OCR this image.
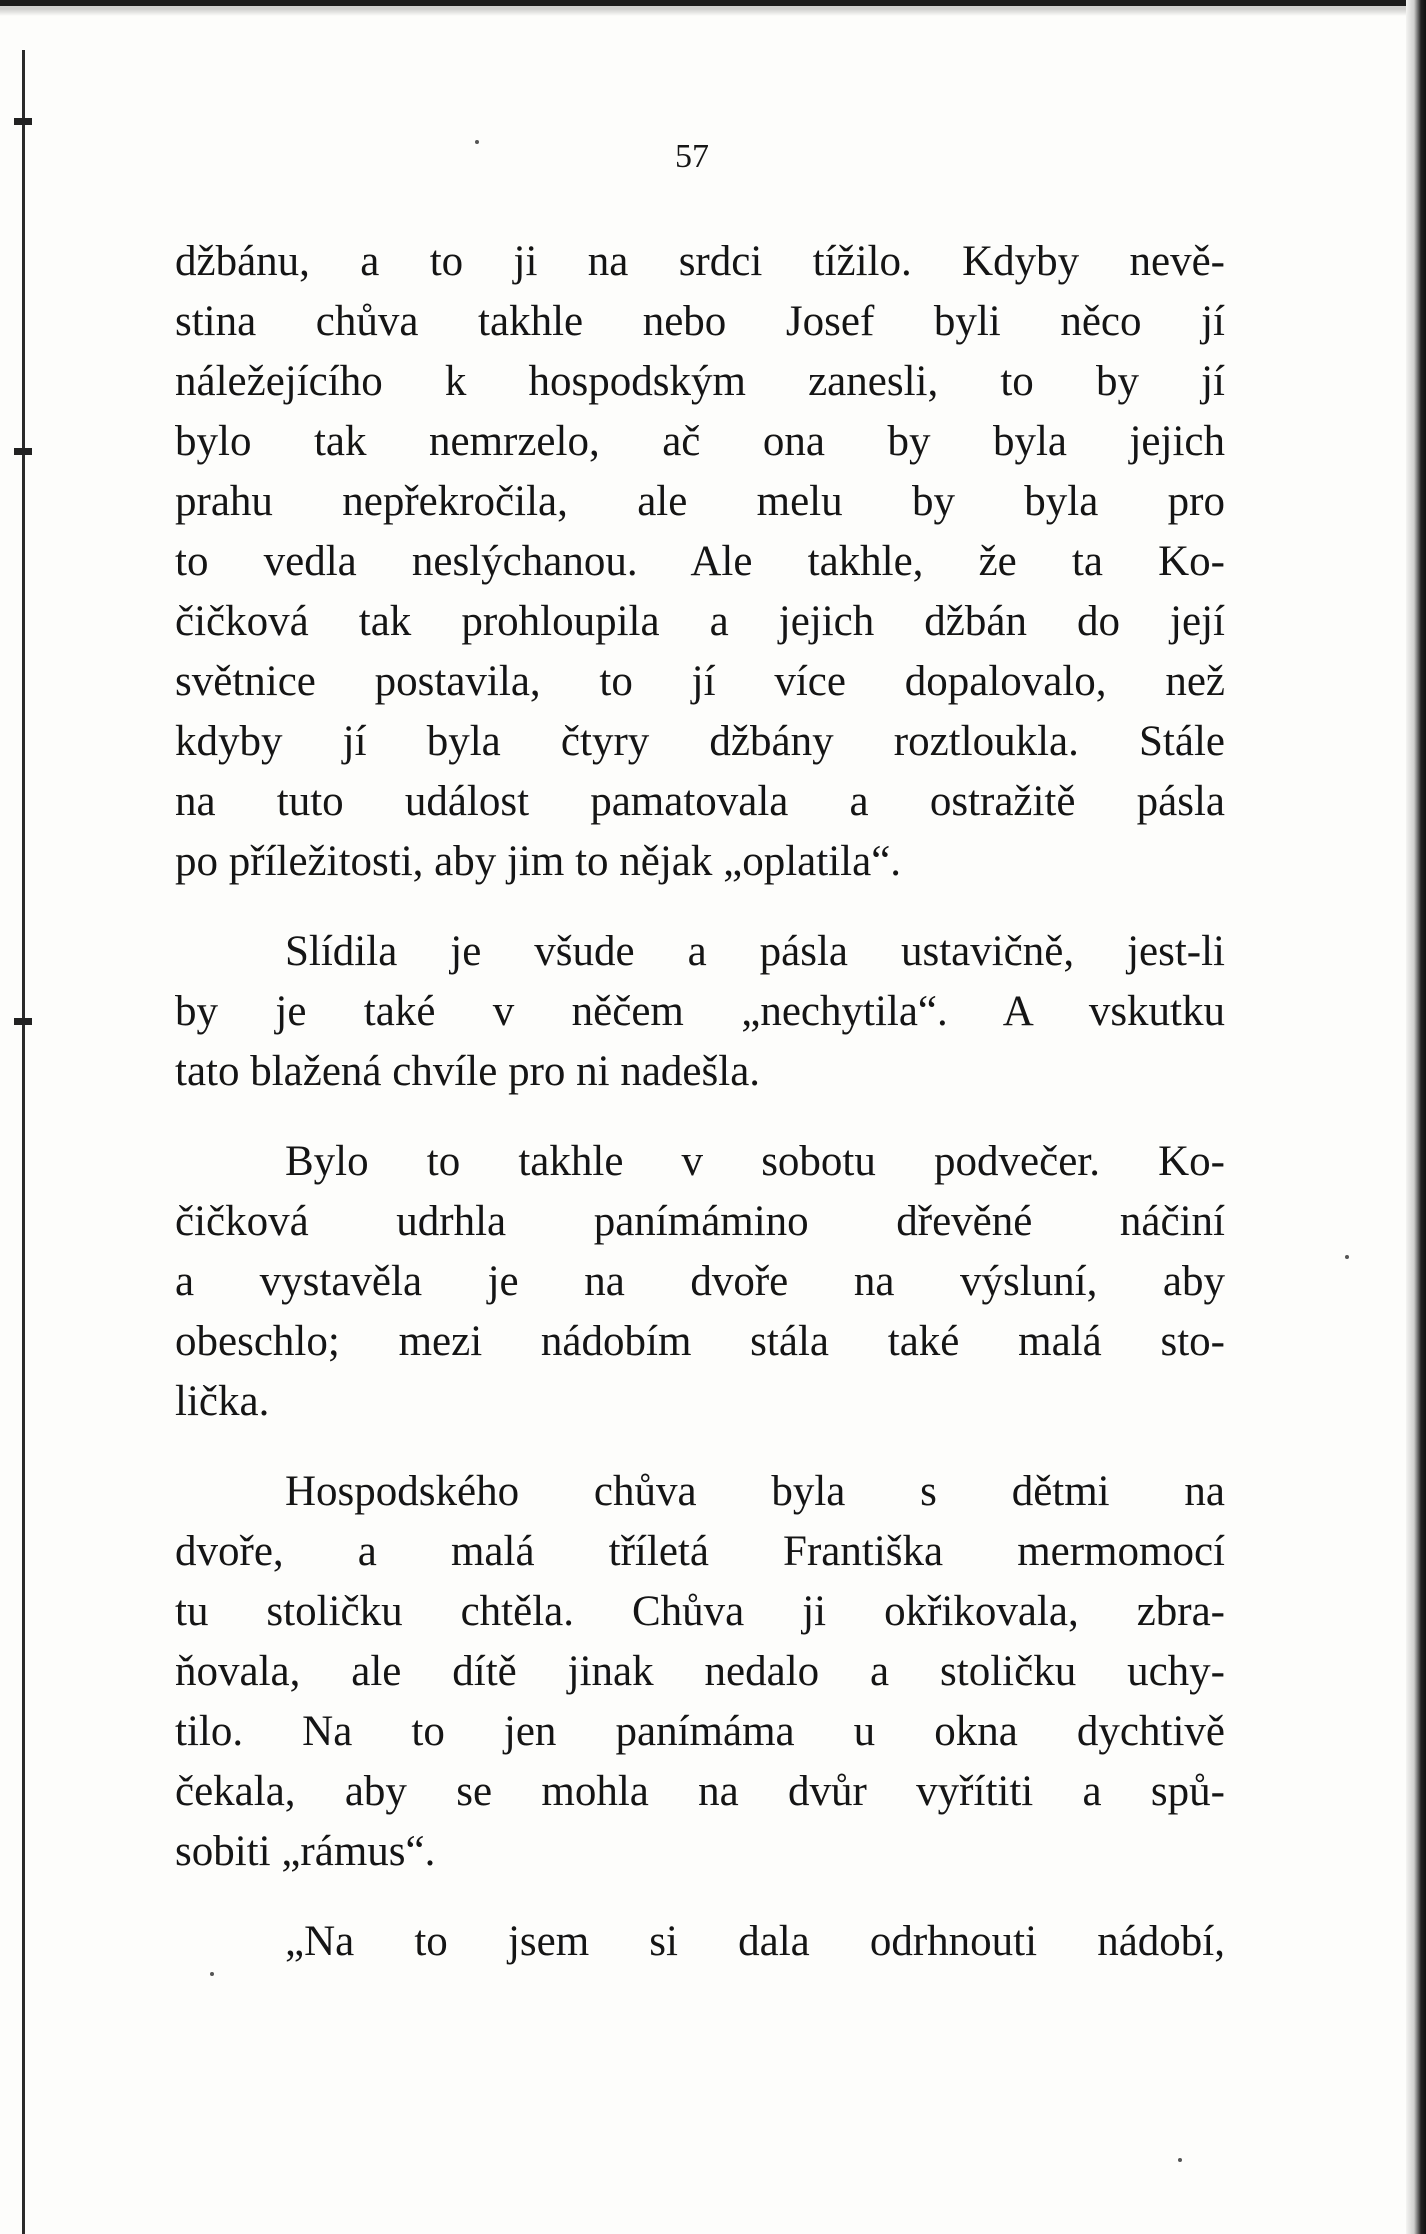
57
džbánu, a to ji na srdci tížilo. Kdyby nevě-
stina chůva takhle nebo Josef byli něco jí
náležejícího k hospodským zanesli, to by jí
bylo tak nemrzelo, ač ona by byla jejich
prahu nepřekročila, ale melu by byla pro
to vedla neslýchanou. Ale takhle, že ta Ko-
čičková tak prohloupila a jejich džbán do její
světnice postavila, to jí více dopalovalo, než
kdyby jí byla čtyry džbány roztloukla. Stále
na tuto událost pamatovala a ostražitě pásla
po příležitosti, aby jim to nějak „oplatila“.
Slídila je všude a pásla ustavičně, jest-li
by je také v něčem „nechytila“. A vskutku
tato blažená chvíle pro ni nadešla.
Bylo to takhle v sobotu podvečer. Ko-
čičková udrhla panímámino dřevěné náčiní
a vystavěla je na dvoře na výsluní, aby
obeschlo; mezi nádobím stála také malá sto-
lička.
Hospodského chůva byla s dětmi na
dvoře, a malá tříletá Františka mermomocí
tu stoličku chtěla. Chůva ji okřikovala, zbra-
ňovala, ale dítě jinak nedalo a stoličku uchy-
tilo. Na to jen panímáma u okna dychtivě
čekala, aby se mohla na dvůr vyřítiti a spů-
sobiti „rámus“.
„Na to jsem si dala odrhnouti nádobí,
